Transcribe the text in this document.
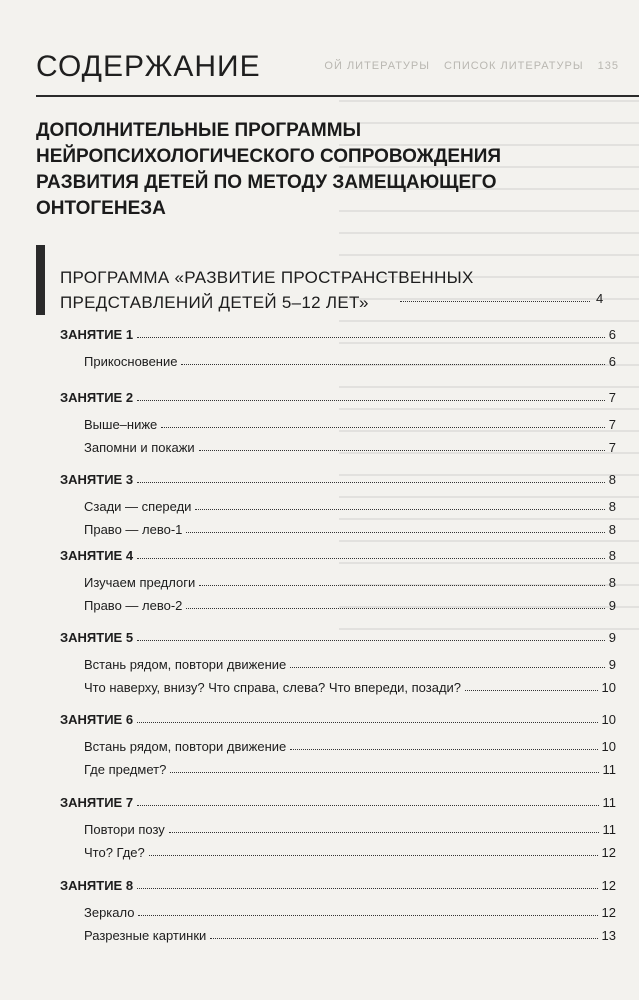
СОДЕРЖАНИЕ	ОЙ ЛИТЕРАТУРЫ СПИСОК ЛИТЕРАТУРЫ 135
ДОПОЛНИТЕЛЬНЫЕ ПРОГРАММЫ НЕЙРОПСИХОЛОГИЧЕСКОГО СОПРОВОЖДЕНИЯ РАЗВИТИЯ ДЕТЕЙ ПО МЕТОДУ ЗАМЕЩАЮЩЕГО ОНТОГЕНЕЗА
ПРОГРАММА «РАЗВИТИЕ ПРОСТРАНСТВЕННЫХ ПРЕДСТАВЛЕНИЙ ДЕТЕЙ 5–12 ЛЕТ»	4
ЗАНЯТИЕ 1	6
Прикосновение	6
ЗАНЯТИЕ 2	7
Выше–ниже	7
Запомни и покажи	7
ЗАНЯТИЕ 3	8
Сзади — спереди	8
Право — лево-1	8
ЗАНЯТИЕ 4	8
Изучаем предлоги	8
Право — лево-2	9
ЗАНЯТИЕ 5	9
Встань рядом, повтори движение	9
Что наверху, внизу? Что справа, слева? Что впереди, позади?	10
ЗАНЯТИЕ 6	10
Встань рядом, повтори движение	10
Где предмет?	11
ЗАНЯТИЕ 7	11
Повтори позу	11
Что? Где?	12
ЗАНЯТИЕ 8	12
Зеркало	12
Разрезные картинки	13
